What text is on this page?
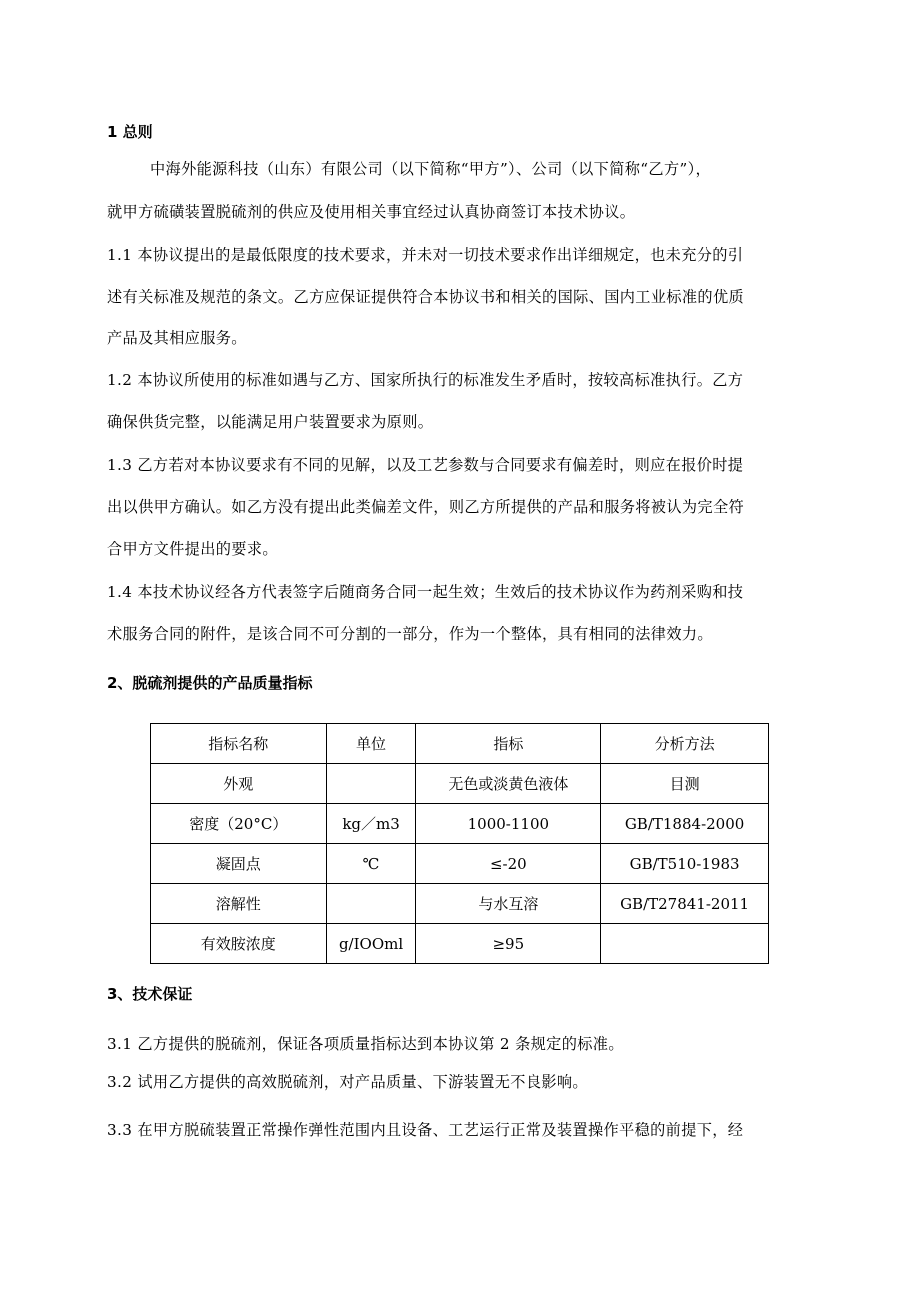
1 总则
中海外能源科技（山东）有限公司（以下简称“甲方”）、公司（以下简称“乙方”），
就甲方硫磺装置脱硫剂的供应及使用相关事宜经过认真协商签订本技术协议。
1.1 本协议提出的是最低限度的技术要求，并未对一切技术要求作出详细规定，也未充分的引
述有关标准及规范的条文。乙方应保证提供符合本协议书和相关的国际、国内工业标准的优质
产品及其相应服务。
1.2 本协议所使用的标准如遇与乙方、国家所执行的标准发生矛盾时，按较高标准执行。乙方
确保供货完整，以能满足用户装置要求为原则。
1.3 乙方若对本协议要求有不同的见解，以及工艺参数与合同要求有偏差时，则应在报价时提
出以供甲方确认。如乙方没有提出此类偏差文件，则乙方所提供的产品和服务将被认为完全符
合甲方文件提出的要求。
1.4 本技术协议经各方代表签字后随商务合同一起生效；生效后的技术协议作为药剂采购和技
术服务合同的附件，是该合同不可分割的一部分，作为一个整体，具有相同的法律效力。
2、脱硫剂提供的产品质量指标
指标名称	单位	指标	分析方法
外观		无色或淡黄色液体	目测
密度（20°C）	kg／m3	1000-1100	GB/T1884-2000
凝固点	℃	≤-20	GB/T510-1983
溶解性		与水互溶	GB/T27841-2011
有效胺浓度	g/IOOml	≥95	
3、技术保证
3.1 乙方提供的脱硫剂，保证各项质量指标达到本协议第 2 条规定的标准。
3.2 试用乙方提供的高效脱硫剂，对产品质量、下游装置无不良影响。
3.3 在甲方脱硫装置正常操作弹性范围内且设备、工艺运行正常及装置操作平稳的前提下，经
